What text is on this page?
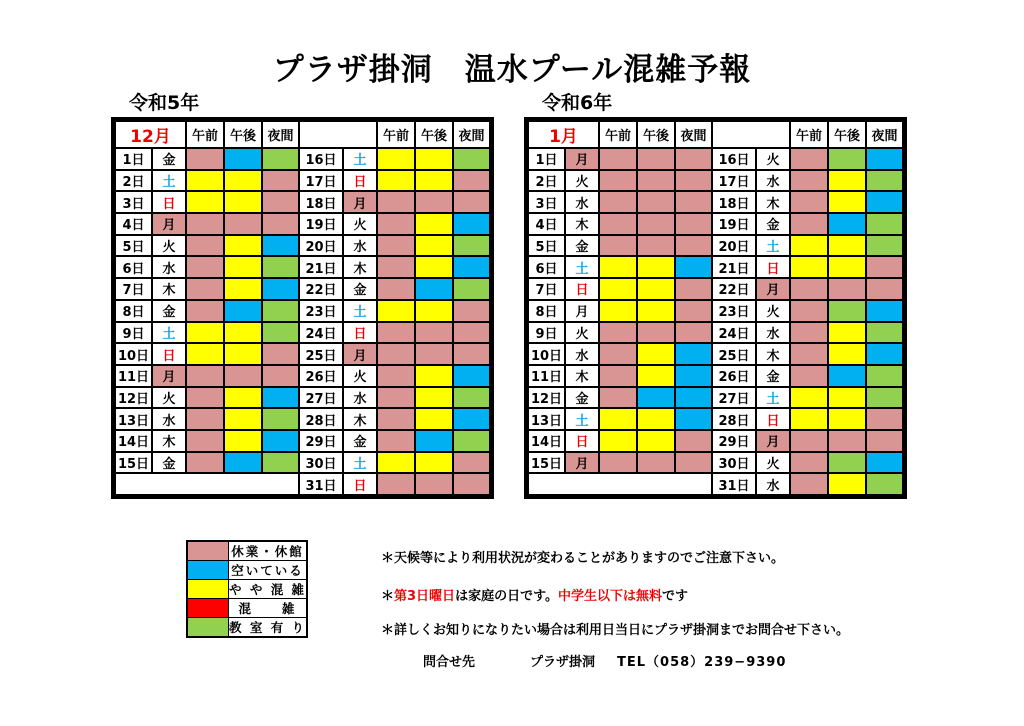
プラザ掛洞　温水プール混雑予報
令和5年	令和6年
12月		午前	午後	夜間			午前	午後	夜間
1日	金				16日	土			
2日	土				17日	日			
3日	日				18日	月			
4日	月				19日	火			
5日	火				20日	水			
6日	水				21日	木			
7日	木				22日	金			
8日	金				23日	土			
9日	土				24日	日			
10日	日				25日	月			
11日	月				26日	火			
12日	火				27日	水			
13日	水				28日	木			
14日	木				29日	金			
15日	金				30日	土			
					31日	日			
1月		午前	午後	夜間			午前	午後	夜間
1日	月				16日	火			
2日	火				17日	水			
3日	水				18日	木			
4日	木				19日	金			
5日	金				20日	土			
6日	土				21日	日			
7日	日				22日	月			
8日	月				23日	火			
9日	火				24日	水			
10日	水				25日	木			
11日	木				26日	金			
12日	金				27日	土			
13日	土				28日	日			
14日	日				29日	月			
15日	月				30日	火			
					31日	水			
	休業・休館
	空いている
	や や 混 雑
	混　　雑
	教 室 有 り
＊天候等により利用状況が変わることがありますのでご注意下さい。
＊第3日曜日は家庭の日です。中学生以下は無料です
＊詳しくお知りになりたい場合は利用日当日にプラザ掛洞までお問合せ下さい。
問合せ先	プラザ掛洞 TEL（058）239−9390
